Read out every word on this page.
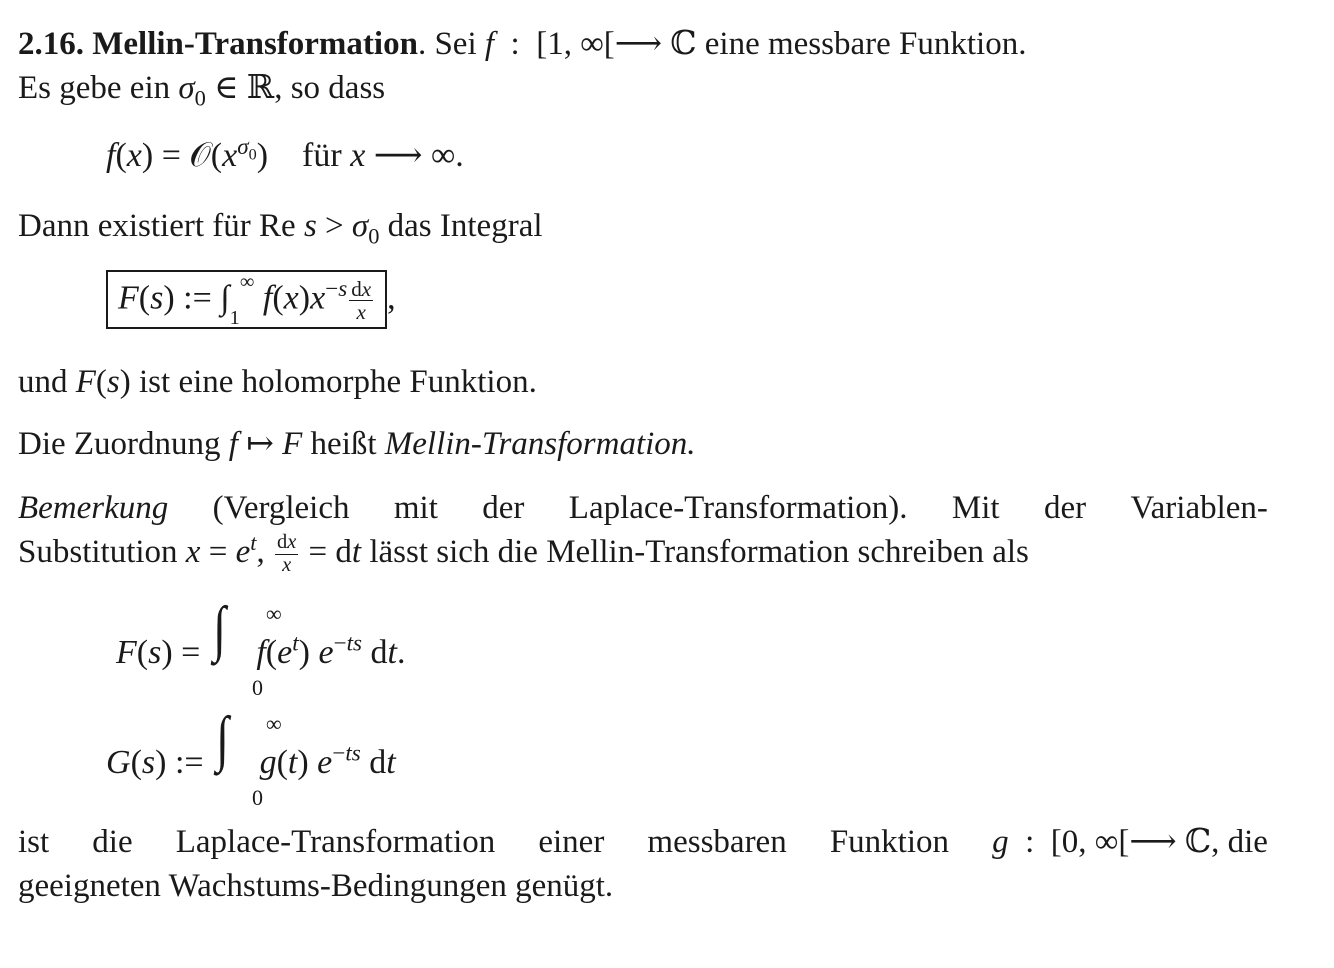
2.16. Mellin-Transformation. Sei f  :  [1, ∞[⟶ ℂ eine messbare Funktion.
Es gebe ein $\sigma_0$ ∈ ℝ, so dass
$f(x) = 𝒪(x^{\sigma_0})$    für x ⟶ ∞.
Dann existiert für Re $s > \sigma_0$ das Integral
F(s) := $\int_1^\infty$ $f(x)x^{-s} \frac{dx}{x}$ ,
und F(s) ist eine holomorphe Funktion.
Die Zuordnung f ↦ F heißt Mellin-Transformation.
Bemerkung (Vergleich mit der Laplace-Transformation). Mit der Variablen-
Substitution $x = e^t$, $\frac{dx}{x}$ = dt lässt sich die Mellin-Transformation schreiben als
F(s) = ∫ ∞
0
$f(e^t)$ $e^{-ts}$ dt.
G(s) := ∫ ∞
0
g(t) $e^{-ts}$ dt
ist die Laplace-Transformation einer messbaren Funktion g  :  [0, ∞[⟶ ℂ, die
geeigneten Wachstums-Bedingungen genügt.
